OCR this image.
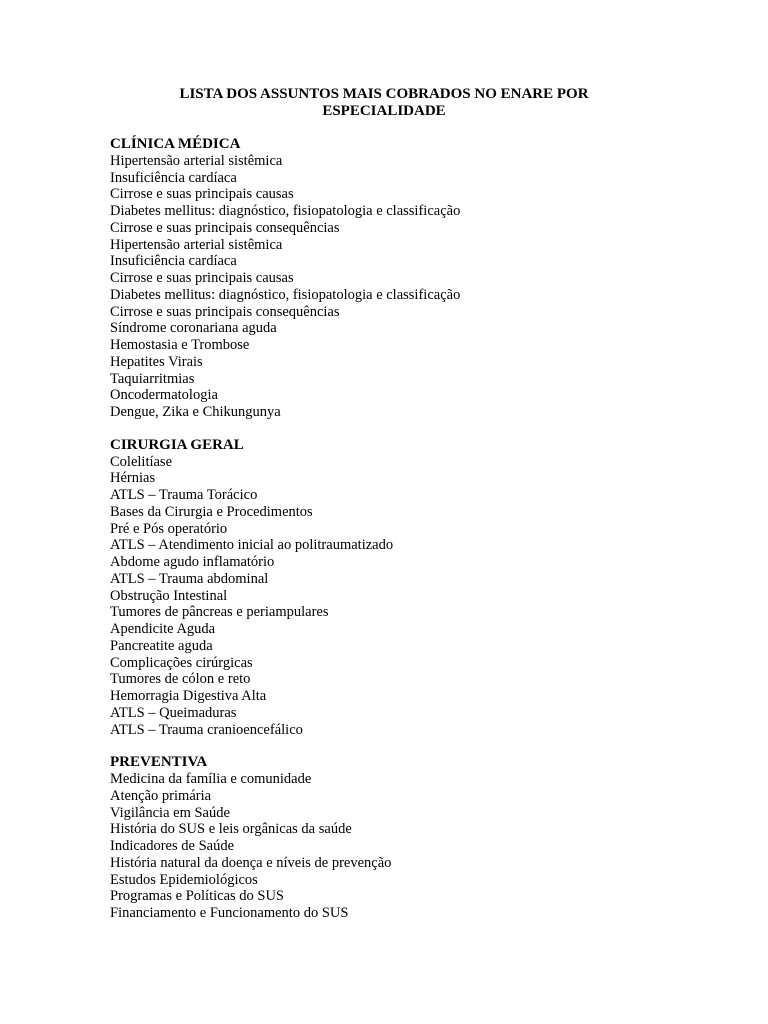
LISTA DOS ASSUNTOS MAIS COBRADOS NO ENARE POR
ESPECIALIDADE
CLÍNICA MÉDICA
Hipertensão arterial sistêmica
Insuficiência cardíaca
Cirrose e suas principais causas
Diabetes mellitus: diagnóstico, fisiopatologia e classificação
Cirrose e suas principais consequências
Hipertensão arterial sistêmica
Insuficiência cardíaca
Cirrose e suas principais causas
Diabetes mellitus: diagnóstico, fisiopatologia e classificação
Cirrose e suas principais consequências
Síndrome coronariana aguda
Hemostasia e Trombose
Hepatites Virais
Taquiarritmias
Oncodermatologia
Dengue, Zika e Chikungunya
CIRURGIA GERAL
Colelitíase
Hérnias
ATLS – Trauma Torácico
Bases da Cirurgia e Procedimentos
Pré e Pós operatório
ATLS – Atendimento inicial ao politraumatizado
Abdome agudo inflamatório
ATLS – Trauma abdominal
Obstrução Intestinal
Tumores de pâncreas e periampulares
Apendicite Aguda
Pancreatite aguda
Complicações cirúrgicas
Tumores de cólon e reto
Hemorragia Digestiva Alta
ATLS – Queimaduras
ATLS – Trauma cranioencefálico
PREVENTIVA
Medicina da família e comunidade
Atenção primária
Vigilância em Saúde
História do SUS e leis orgânicas da saúde
Indicadores de Saúde
História natural da doença e níveis de prevenção
Estudos Epidemiológicos
Programas e Políticas do SUS
Financiamento e Funcionamento do SUS
